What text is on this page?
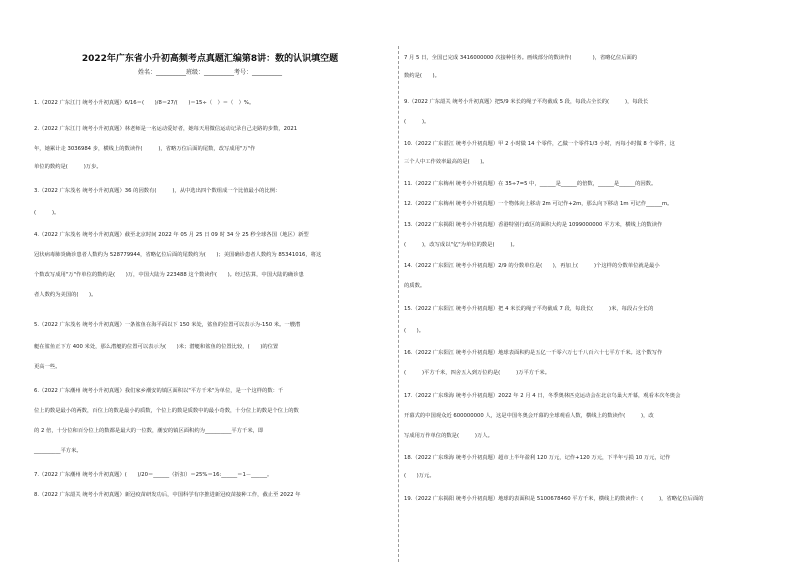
2022年广东省小升初高频考点真题汇编第8讲：数的认识填空题
姓名：__________班级：__________考号：__________
1.（2022 广东江门 统考小升初真题）6/16＝(　　)/8＝27/(　　)＝15÷（　）＝（　）%。
2.（2022 广东江门 统考小升初真题）林老师是一名运动爱好者，她每天用微信运动记录自己走路的步数，2021
年，她累计走 3036984 步，横线上的数读作(　　　)，省略万位后面的尾数，改写成用"万"作
单位的数约是(　　　)万步。
3.（2022 广东茂名 统考小升初真题）36 的因数有(　　　)，从中选出四个数组成一个比值最小的比例：
(　　　)。
4.（2022 广东茂名 统考小升初真题）截至北京时间 2022 年 05 月 25 日 09 时 34 分 25 秒全球各国（地区）新型
冠状病毒肺炎确诊患者人数约为 528779944，省略亿位后面的尾数约为(　　)；美国确诊患者人数约为 85341016，将这
个数改写成用"万"作单位的数约是(　　)万，中国大陆为 223488 这个数读作(　　)。经过估算，中国大陆的确诊患
者人数约为美国的(　　)。
5.（2022 广东茂名 统考小升初真题）一条鲨鱼在海平面以下 150 米处，鲨鱼的位置可以表示为-150 米。一艘潜
艇在鲨鱼正下方 400 米处，那么潜艇的位置可以表示为(　　)米；潜艇和鲨鱼的位置比较，(　　)的位置
更高一些。
6.（2022 广东潮州 统考小升初真题）我们家乡潮安的镇区面积以"平方千米"为单位，是一个这样的数：千
位上的数是最小的两数，百位上的数是最小的质数，个位上的数是质数中的最小奇数，十分位上的数是个位上的数
的 2 倍，十分位和百分位上的数都是最大的一位数，潮安的镇区面积约为__________平方千米，即
__________平方米。
7.（2022 广东潮州 统考小升初真题）(　　)/20＝______（折扣）＝25%＝16:______＝1－______。
8.（2022 广东韶关 统考小升初真题）新冠疫苗研发功后，中国科学有序推进新冠疫苗接种工作，截止至 2022 年
7 月 5 日，全国已完成 3416000000 次接种任务。画线部分的数读作(　　　　)，省略亿位后面的
数约是(　　)。
9.（2022 广东韶关 统考小升初真题）把5/9 米长的绳子平均截成 5 段，每段占全长的(　　　)，每段长
(　　　)。
10.（2022 广东湛江 统考小升初真题）甲 2 小时做 14 个零件，乙做一个零件1/3 小时，丙每小时做 8 个零件，这
三个人中工作效率最高的是(　　)。
11.（2022 广东梅州 统考小升初真题）在 35÷7=5 中，______是______的倍数，______是______的因数。
12.（2022 广东梅州 统考小升初真题）一个物体向上移动 2m 可记作+2m，那么向下移动 1m 可记作______m。
13.（2022 广东揭阳 统考小升初真题）香港特别行政区的面积大约是 1099000000 平方米，横线上的数读作
(　　　)，改写成以"亿"为单位的数是(　　　)。
14.（2022 广东阳江 统考小升初真题）2/9 的分数单位是(　　)，再加上(　　　)个这样的分数单位就是最小
的质数。
15.（2022 广东阳江 统考小升初真题）把 4 米长的绳子平均截成 7 段，每段长(　　　)米，每段占全长的
(　　)。
16.（2022 广东阳江 统考小升初真题）地球表面积约是五亿一千零六万七千八百六十七平方千米。这个数写作
(　　　)平方千米，四舍五入到万位约是(　　　)万平方千米。
17.（2022 广东珠海 统考小升初真题）2022 年 2 月 4 日，冬季奥林匹克运动会在北京鸟巢大开幕，观看本次冬奥会
开幕式的中国观众近 600000000 人，这是中国冬奥会开幕的全球观看人数，横线上的数读作(　　　)，改
写成用万作单位的数是(　　　)万人。
18.（2022 广东珠海 统考小升初真题）超市上半年盈利 120 万元，记作+120 万元，下半年亏损 10 万元，记作
(　　)万元。
19.（2022 广东揭阳 统考小升初真题）地球的表面积是 5100678460 平方千米，横线上的数读作：(　　　)，省略亿位后面的
